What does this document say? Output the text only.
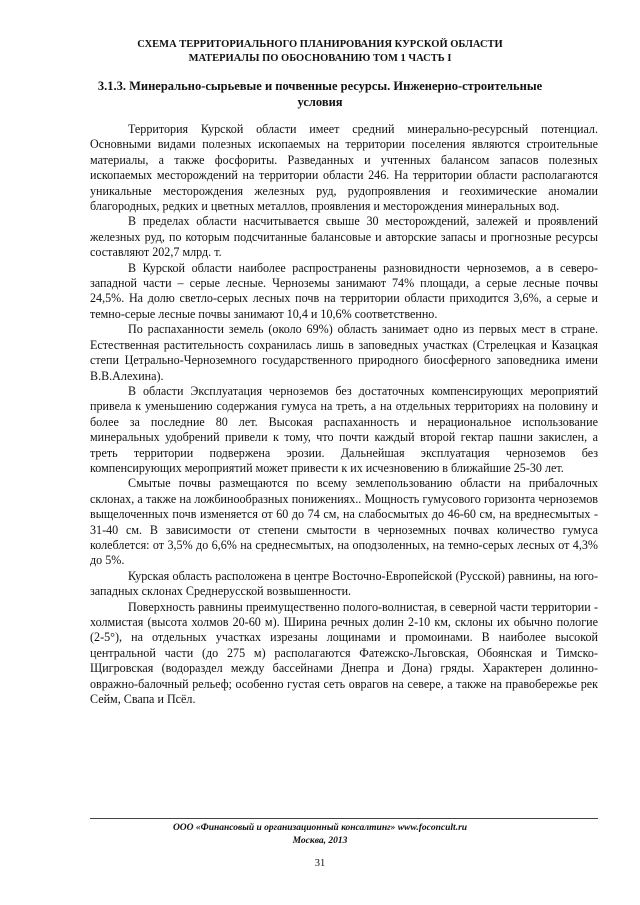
СХЕМА ТЕРРИТОРИАЛЬНОГО ПЛАНИРОВАНИЯ КУРСКОЙ ОБЛАСТИ
МАТЕРИАЛЫ ПО ОБОСНОВАНИЮ ТОМ 1 ЧАСТЬ I
3.1.3. Минерально-сырьевые и почвенные ресурсы. Инженерно-строительные условия

Территория Курской области имеет средний минерально-ресурсный потенциал. Основными видами полезных ископаемых на территории поселения являются строительные материалы, а также фосфориты. Разведанных и учтенных балансом запасов полезных ископаемых месторождений на территории области 246. На территории области располагаются уникальные месторождения железных руд, рудопроявления и геохимические аномалии благородных, редких и цветных металлов, проявления и месторождения минеральных вод.

В пределах области насчитывается свыше 30 месторождений, залежей и проявлений железных руд, по которым подсчитанные балансовые и авторские запасы и прогнозные ресурсы составляют 202,7 млрд. т.

В Курской области наиболее распространены разновидности черноземов, а в северо-западной части – серые лесные. Черноземы занимают 74% площади, а серые лесные почвы 24,5%. На долю светло-серых лесных почв на территории области приходится 3,6%, а серые и темно-серые лесные почвы занимают 10,4 и 10,6% соответственно.

По распаханности земель (около 69%) область занимает одно из первых мест в стране. Естественная растительность сохранилась лишь в заповедных участках (Стрелецкая и Казацкая степи Цетрально-Черноземного государственного природного биосферного заповедника имени В.В.Алехина).

В области Эксплуатация черноземов без достаточных компенсирующих мероприятий привела к уменьшению содержания гумуса на треть, а на отдельных территориях на половину и более за последние 80 лет. Высокая распаханность и нерациональное использование минеральных удобрений привели к тому, что почти каждый второй гектар пашни закислен, а треть территории подвержена эрозии. Дальнейшая эксплуатация черноземов без компенсирующих мероприятий может привести к их исчезновению в ближайшие 25-30 лет.

Смытые почвы размещаются по всему землепользованию области на прибалочных склонах, а также на ложбинообразных понижениях.. Мощность гумусового горизонта черноземов выщелоченных почв изменяется от 60 до 74 см, на слабосмытых до 46-60 см, на вреднесмытых - 31-40 см. В зависимости от степени смытости в черноземных почвах количество гумуса колеблется: от 3,5% до 6,6% на среднесмытых, на оподзоленных, на темно-серых лесных от 4,3% до 5%.

Курская область расположена в центре Восточно-Европейской (Русской) равнины, на юго-западных склонах Среднерусской возвышенности.

Поверхность равнины преимущественно полого-волнистая, в северной части территории - холмистая (высота холмов 20-60 м). Ширина речных долин 2-10 км, склоны их обычно пологие (2-5°), на отдельных участках изрезаны лощинами и промоинами. В наиболее высокой центральной части (до 275 м) располагаются Фатежско-Льговская, Обоянская и Тимско-Щигровская (водораздел между бассейнами Днепра и Дона) гряды. Характерен долинно-овражно-балочный рельеф; особенно густая сеть оврагов на севере, а также на правобережье рек Сейм, Свапа и Псёл.

ООО «Финансовый и организационный консалтинг» www.foconcult.ru
Москва, 2013
31
